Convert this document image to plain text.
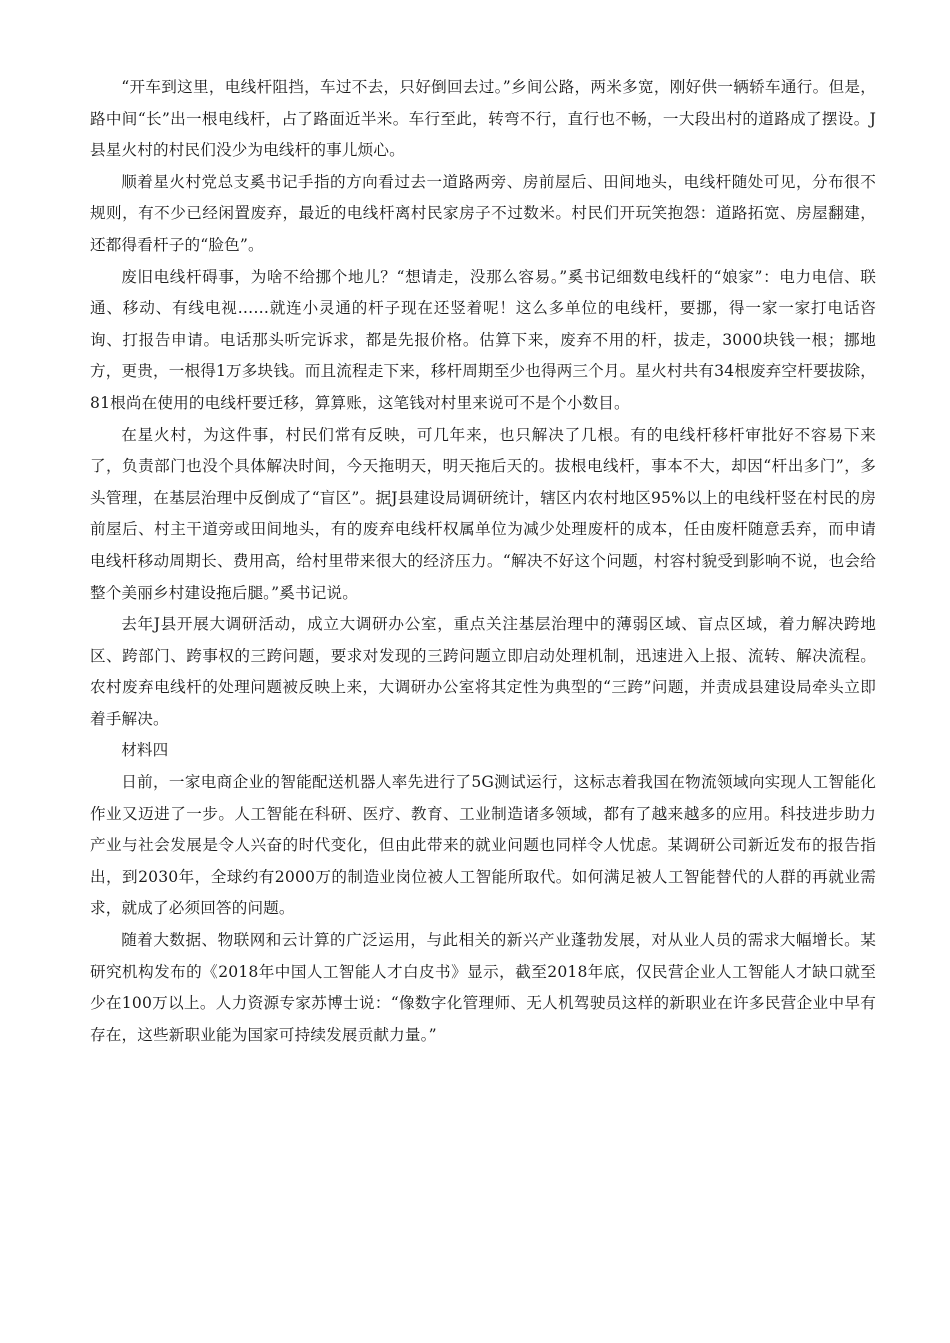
“开车到这里，电线杆阻挡，车过不去，只好倒回去过。”乡间公路，两米多宽，刚好供一辆轿车通行。但是，路中间“长”出一根电线杆，占了路面近半米。车行至此，转弯不行，直行也不畅，一大段出村的道路成了摆设。J县星火村的村民们没少为电线杆的事儿烦心。

顺着星火村党总支奚书记手指的方向看过去一道路两旁、房前屋后、田间地头，电线杆随处可见，分布很不规则，有不少已经闲置废弃，最近的电线杆离村民家房子不过数米。村民们开玩笑抱怨：道路拓宽、房屋翻建，还都得看杆子的“脸色”。

废旧电线杆碍事，为啥不给挪个地儿？“想请走，没那么容易。”奚书记细数电线杆的“娘家”：电力电信、联通、移动、有线电视……就连小灵通的杆子现在还竖着呢！这么多单位的电线杆，要挪，得一家一家打电话咨询、打报告申请。电话那头听完诉求，都是先报价格。估算下来，废弃不用的杆，拔走，3000块钱一根；挪地方，更贵，一根得1万多块钱。而且流程走下来，移杆周期至少也得两三个月。星火村共有34根废弃空杆要拔除，81根尚在使用的电线杆要迁移，算算账，这笔钱对村里来说可不是个小数目。

在星火村，为这件事，村民们常有反映，可几年来，也只解决了几根。有的电线杆移杆审批好不容易下来了，负责部门也没个具体解决时间，今天拖明天，明天拖后天的。拔根电线杆，事本不大，却因“杆出多门”，多头管理，在基层治理中反倒成了“盲区”。据J县建设局调研统计，辖区内农村地区95%以上的电线杆竖在村民的房前屋后、村主干道旁或田间地头，有的废弃电线杆权属单位为减少处理废杆的成本，任由废杆随意丢弃，而申请电线杆移动周期长、费用高，给村里带来很大的经济压力。“解决不好这个问题，村容村貌受到影响不说，也会给整个美丽乡村建设拖后腿。”奚书记说。

去年J县开展大调研活动，成立大调研办公室，重点关注基层治理中的薄弱区域、盲点区域，着力解决跨地区、跨部门、跨事权的三跨问题，要求对发现的三跨问题立即启动处理机制，迅速进入上报、流转、解决流程。农村废弃电线杆的处理问题被反映上来，大调研办公室将其定性为典型的“三跨”问题，并责成县建设局牵头立即着手解决。

材料四

日前，一家电商企业的智能配送机器人率先进行了5G测试运行，这标志着我国在物流领域向实现人工智能化作业又迈进了一步。人工智能在科研、医疗、教育、工业制造诸多领域，都有了越来越多的应用。科技进步助力产业与社会发展是令人兴奋的时代变化，但由此带来的就业问题也同样令人忧虑。某调研公司新近发布的报告指出，到2030年，全球约有2000万的制造业岗位被人工智能所取代。如何满足被人工智能替代的人群的再就业需求，就成了必须回答的问题。

随着大数据、物联网和云计算的广泛运用，与此相关的新兴产业蓬勃发展，对从业人员的需求大幅增长。某研究机构发布的《2018年中国人工智能人才白皮书》显示，截至2018年底，仅民营企业人工智能人才缺口就至少在100万以上。人力资源专家苏博士说：“像数字化管理师、无人机驾驶员这样的新职业在许多民营企业中早有存在，这些新职业能为国家可持续发展贡献力量。”
